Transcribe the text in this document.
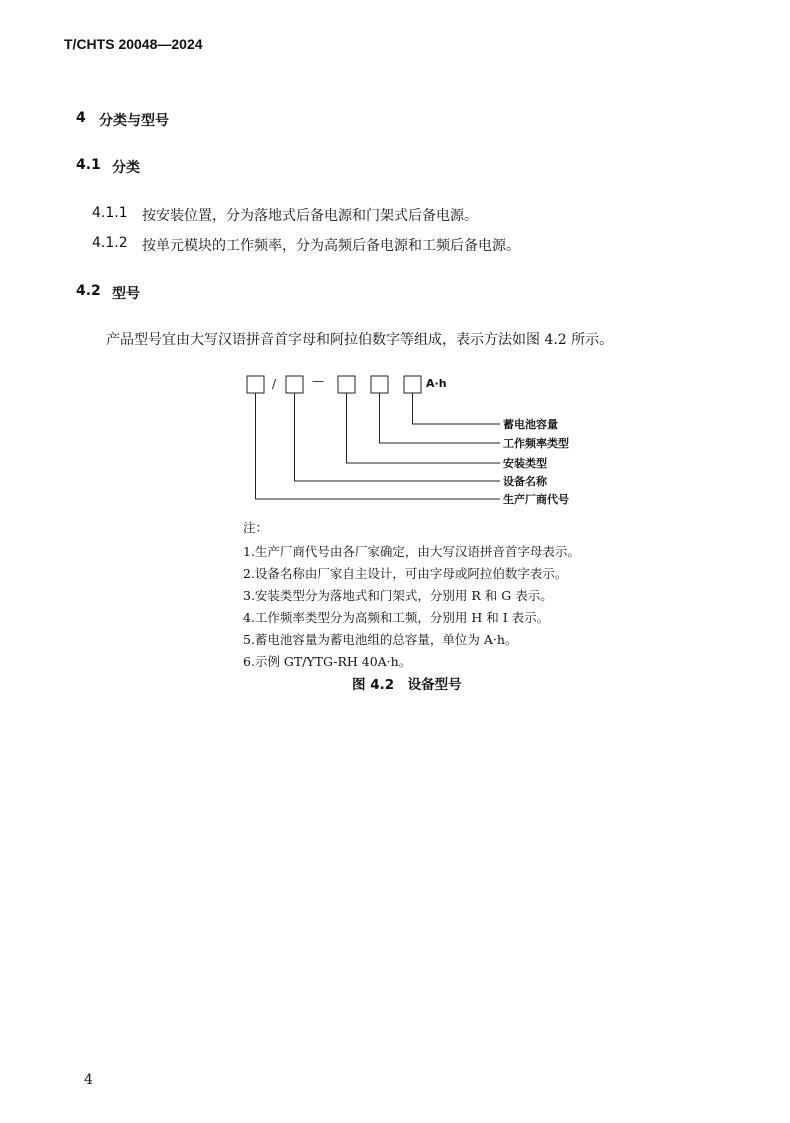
T/CHTS 20048—2024
4 分类与型号
4.1 分类
4.1.1 按安装位置，分为落地式后备电源和门架式后备电源。
4.1.2 按单元模块的工作频率，分为高频后备电源和工频后备电源。
4.2 型号
产品型号宜由大写汉语拼音首字母和阿拉伯数字等组成，表示方法如图 4.2 所示。
/	—	A·h
蓄电池容量
工作频率类型
安装类型
设备名称
生产厂商代号
注：
1.生产厂商代号由各厂家确定，由大写汉语拼音首字母表示。
2.设备名称由厂家自主设计，可由字母或阿拉伯数字表示。
3.安装类型分为落地式和门架式，分别用 R 和 G 表示。
4.工作频率类型分为高频和工频，分别用 H 和 I 表示。
5.蓄电池容量为蓄电池组的总容量，单位为 A·h。
6.示例 GT/YTG-RH 40A·h。
图 4.2　设备型号
4
